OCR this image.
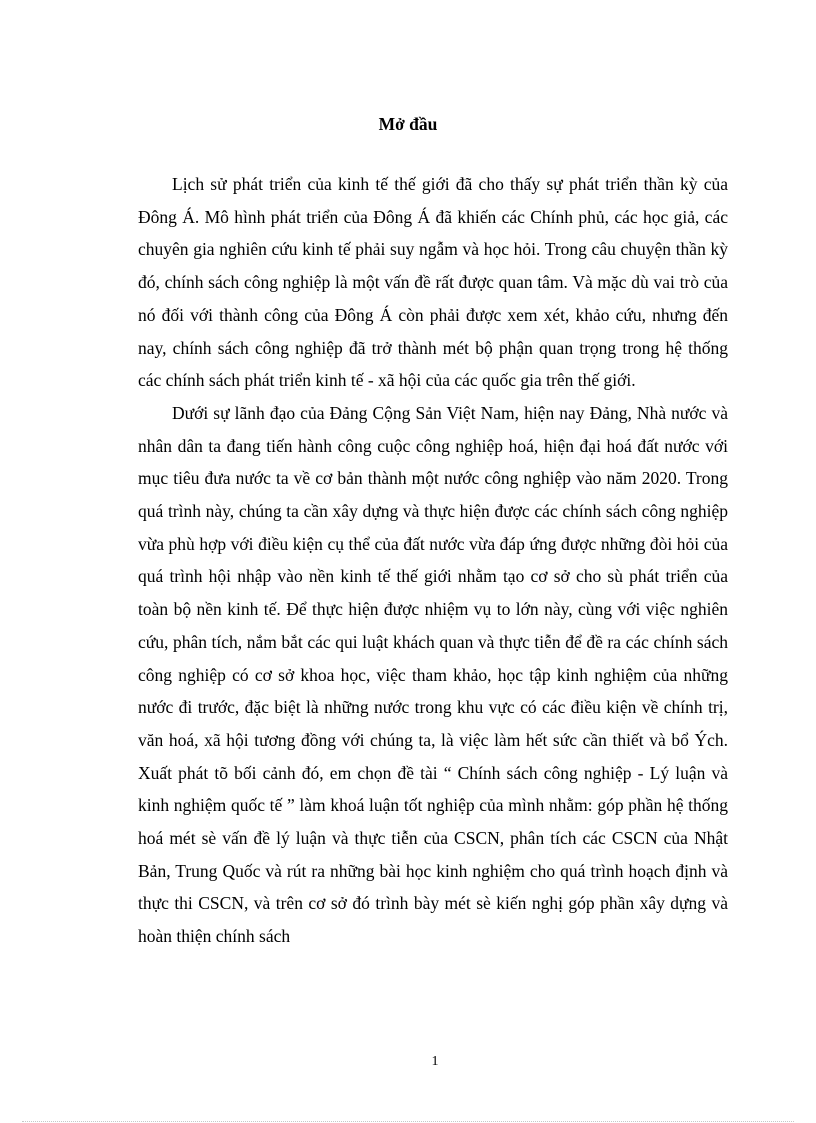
Mở đầu

Lịch sử phát triển của kinh tế thế giới đã cho thấy sự phát triển thần kỳ của Đông Á. Mô hình phát triển của Đông Á đã khiến các Chính phủ, các học giả, các chuyên gia nghiên cứu kinh tế phải suy ngẫm và học hỏi. Trong câu chuyện thần kỳ đó, chính sách công nghiệp là một vấn đề rất được quan tâm. Và mặc dù vai trò của nó đối với thành công của Đông Á còn phải được xem xét, khảo cứu, nhưng đến nay, chính sách công nghiệp đã trở thành mét bộ phận quan trọng trong hệ thống các chính sách phát triển kinh tế - xã hội của các quốc gia trên thế giới.

Dưới sự lãnh đạo của Đảng Cộng Sản Việt Nam, hiện nay Đảng, Nhà nước và nhân dân ta đang tiến hành công cuộc công nghiệp hoá, hiện đại hoá đất nước với mục tiêu đưa nước ta về cơ bản thành một nước công nghiệp vào năm 2020. Trong quá trình này, chúng ta cần xây dựng và thực hiện được các chính sách công nghiệp vừa phù hợp với điều kiện cụ thể của đất nước vừa đáp ứng được những đòi hỏi của quá trình hội nhập vào nền kinh tế thế giới nhằm tạo cơ sở cho sù phát triển của toàn bộ nền kinh tế. Để thực hiện được nhiệm vụ to lớn này, cùng với việc nghiên cứu, phân tích, nắm bắt các qui luật khách quan và thực tiễn để đề ra các chính sách công nghiệp có cơ sở khoa học, việc tham khảo, học tập kinh nghiệm của những nước đi trước, đặc biệt là những nước trong khu vực có các điều kiện về chính trị, văn hoá, xã hội tương đồng với chúng ta, là việc làm hết sức cần thiết và bổ Ých. Xuất phát tõ bối cảnh đó, em chọn đề tài “ Chính sách công nghiệp - Lý luận và kinh nghiệm quốc tế ” làm khoá luận tốt nghiệp của mình nhằm: góp phần hệ thống hoá mét sè vấn đề lý luận và thực tiễn của CSCN, phân tích các CSCN của Nhật Bản, Trung Quốc và rút ra những bài học kinh nghiệm cho quá trình hoạch định và thực thi CSCN, và trên cơ sở đó trình bày mét sè kiến nghị góp phần xây dựng và hoàn thiện chính sách

1
